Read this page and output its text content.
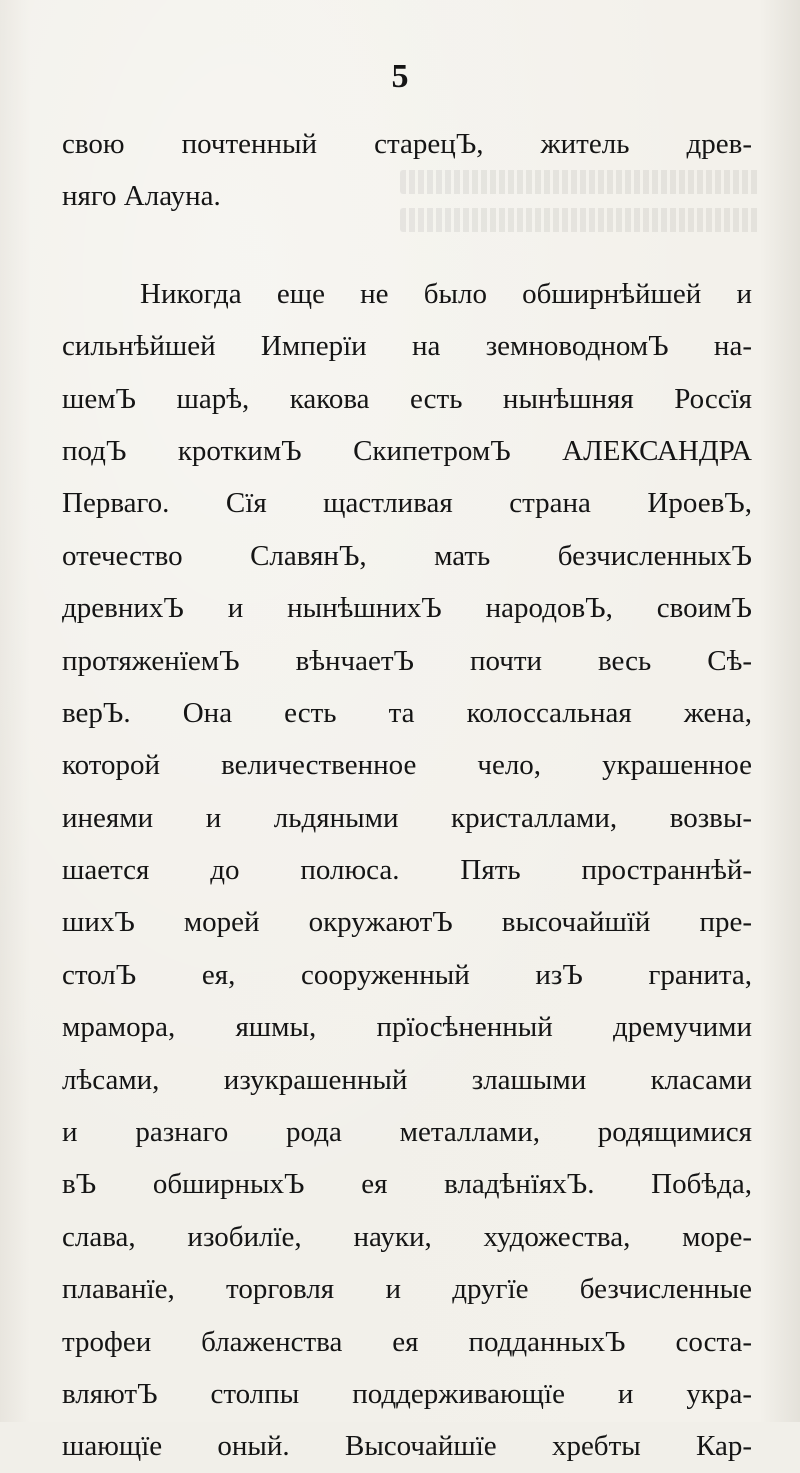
5
свою почтенный старецЪ, житель древ-
няго Алауна.
Никогда еще не было обширнѣйшей и
сильнѣйшей Имперїи на земноводномЪ на-
шемЪ шарѣ, какова есть нынѣшняя Россїя
подЪ кроткимЪ СкипетромЪ АЛЕКСАНДРА
Перваго. Сїя щастливая страна ИроевЪ,
отечество СлавянЪ, мать безчисленныхЪ
древнихЪ и нынѣшнихЪ народовЪ, своимЪ
протяженїемЪ вѣнчаетЪ почти весь Сѣ-
верЪ. Она есть та колоссальная жена,
которой величественное чело, украшенное
инеями и льдяными кристаллами, возвы-
шается до полюса. Пять пространнѣй-
шихЪ морей окружаютЪ высочайшїй пре-
столЪ ея, сооруженный изЪ гранита,
мрамора, яшмы, прїосѣненный дремучими
лѣсами, изукрашенный злашыми класами
и разнаго рода металлами, родящимися
вЪ обширныхЪ ея владѣнїяхЪ. Побѣда,
слава, изобилїе, науки, художества, море-
плаванїе, торговля и другїе безчисленные
трофеи блаженства ея подданныхЪ соста-
вляютЪ столпы поддерживающїе и укра-
шающїе оный. Высочайшїе хребты Кар-
